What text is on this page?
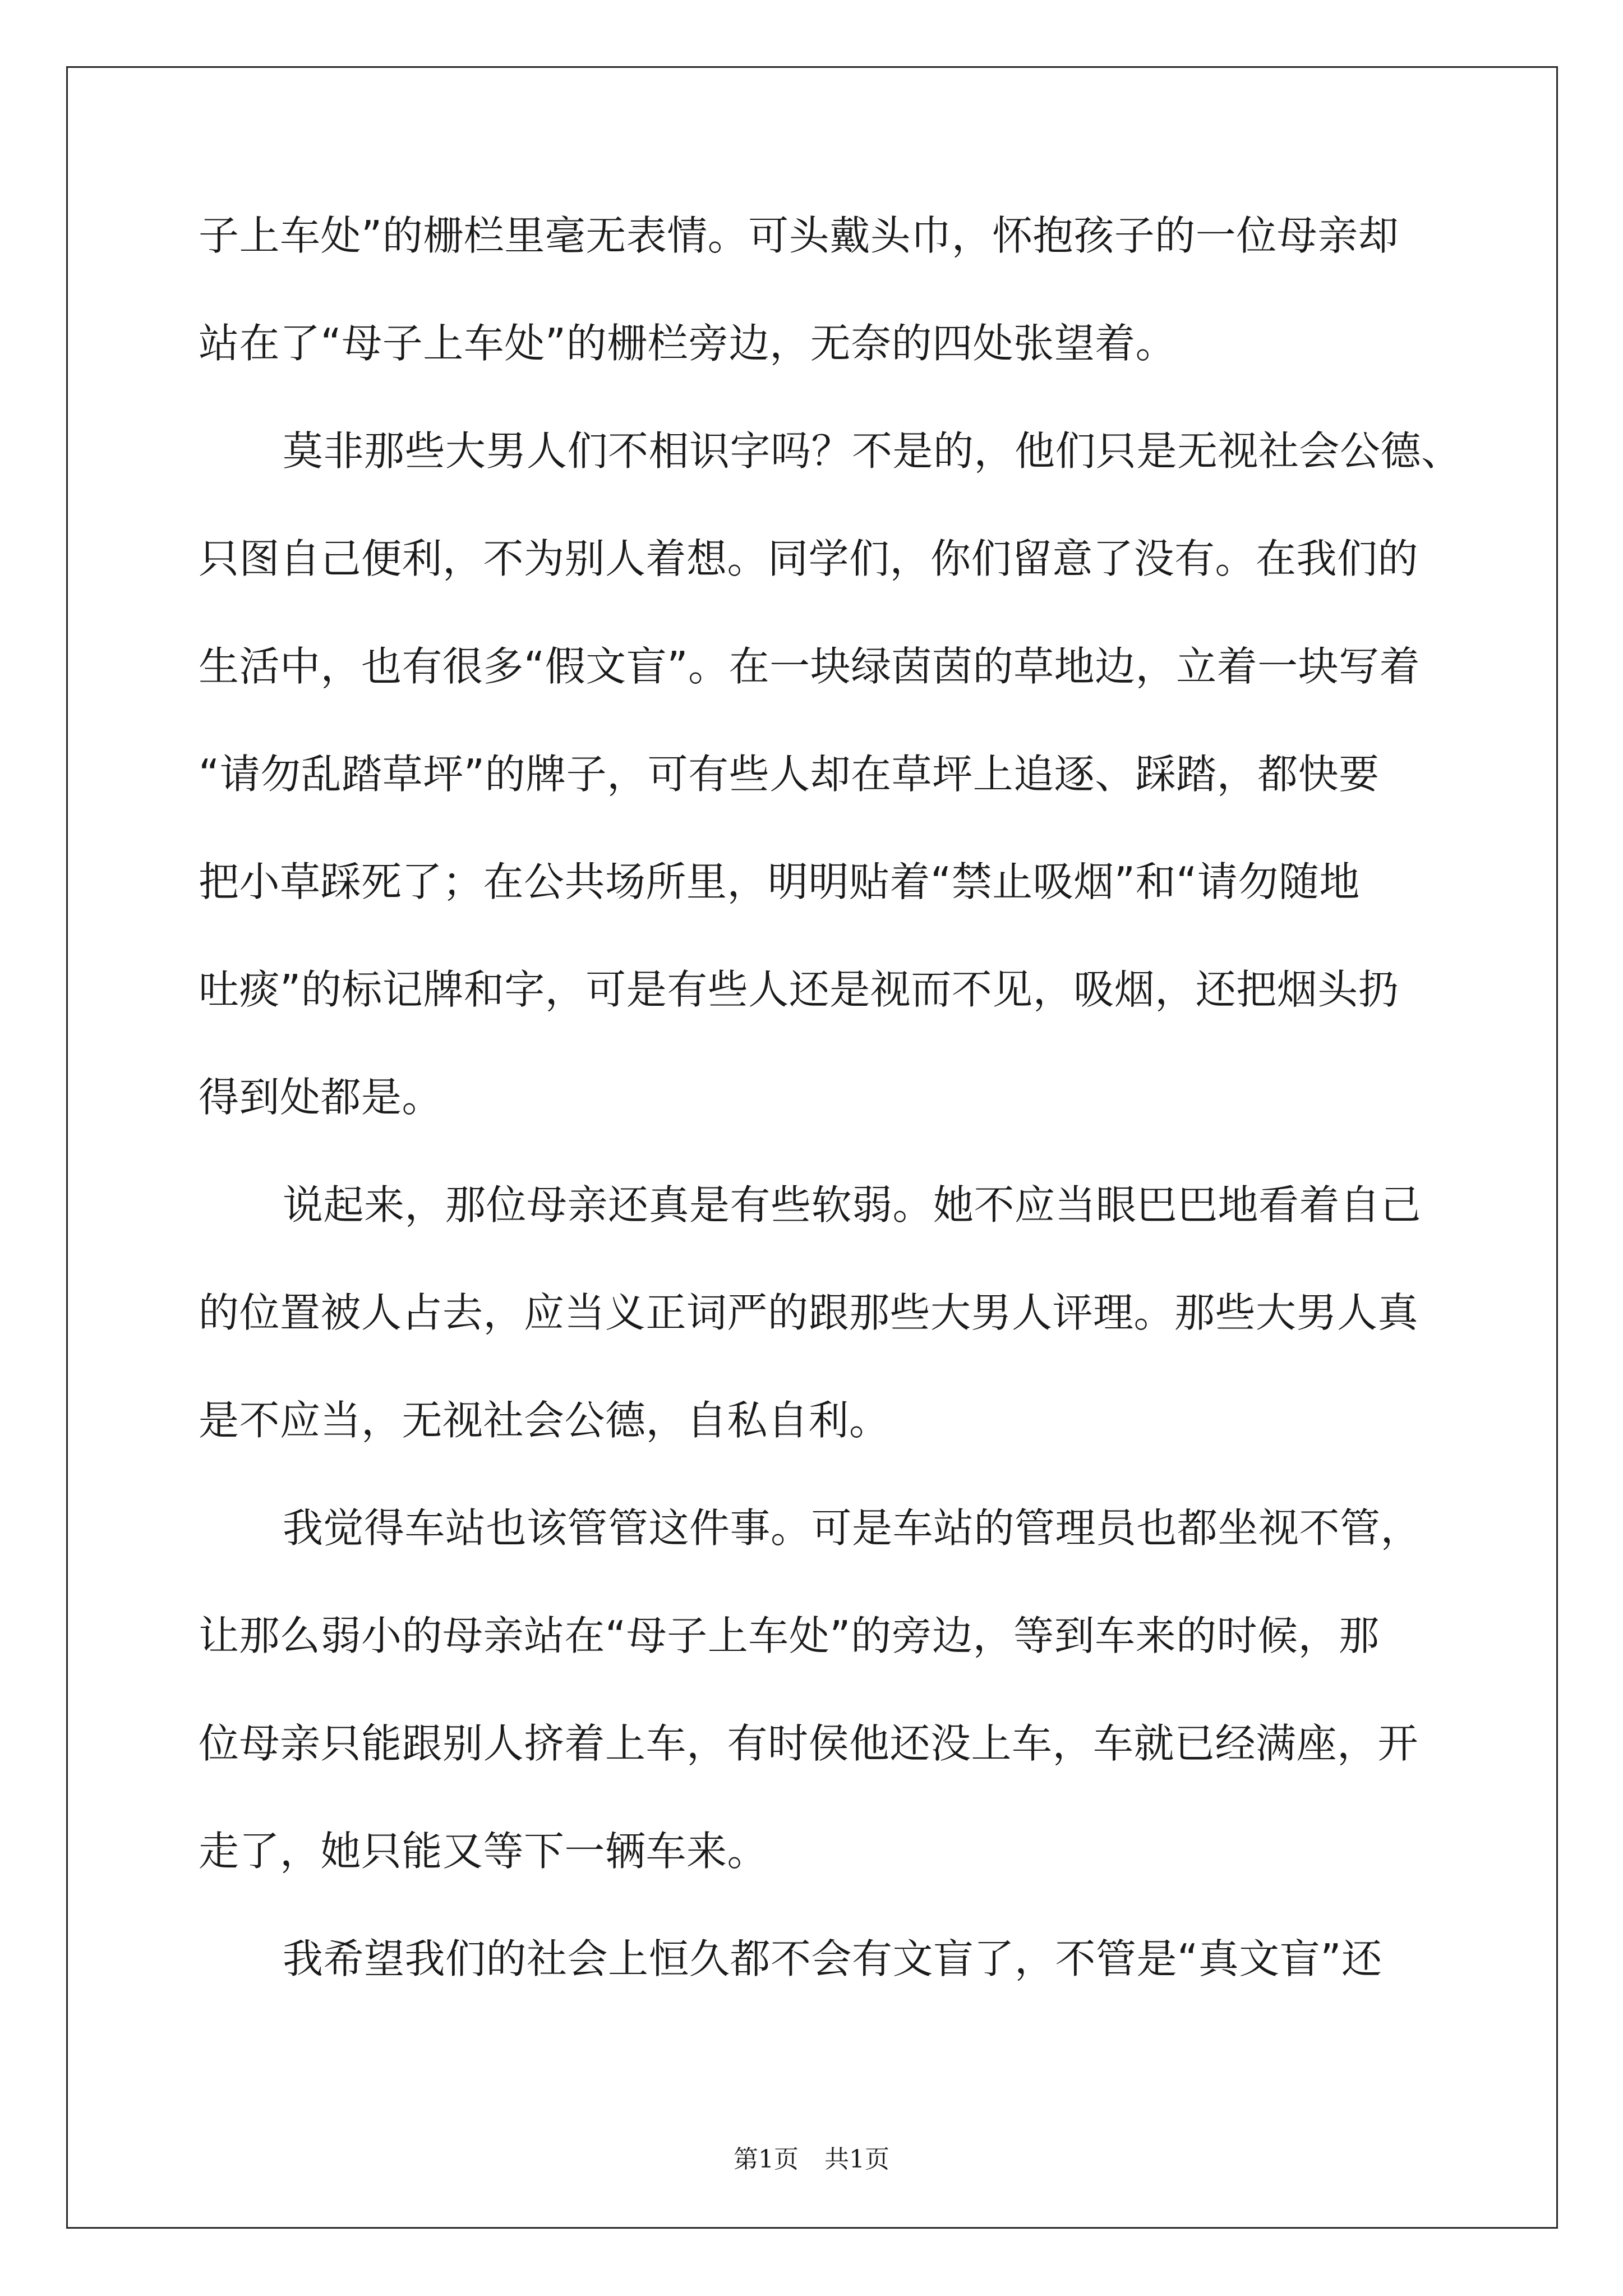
子上车处”的栅栏里毫无表情。可头戴头巾，怀抱孩子的一位母亲却
站在了“母子上车处”的栅栏旁边，无奈的四处张望着。
莫非那些大男人们不相识字吗？不是的，他们只是无视社会公德、
只图自己便利，不为别人着想。同学们，你们留意了没有。在我们的
生活中，也有很多“假文盲”。在一块绿茵茵的草地边，立着一块写着
“请勿乱踏草坪”的牌子，可有些人却在草坪上追逐、踩踏，都快要
把小草踩死了；在公共场所里，明明贴着“禁止吸烟”和“请勿随地
吐痰”的标记牌和字，可是有些人还是视而不见，吸烟，还把烟头扔
得到处都是。
说起来，那位母亲还真是有些软弱。她不应当眼巴巴地看着自己
的位置被人占去，应当义正词严的跟那些大男人评理。那些大男人真
是不应当，无视社会公德，自私自利。
我觉得车站也该管管这件事。可是车站的管理员也都坐视不管，
让那么弱小的母亲站在“母子上车处”的旁边，等到车来的时候，那
位母亲只能跟别人挤着上车，有时侯他还没上车，车就已经满座，开
走了，她只能又等下一辆车来。
我希望我们的社会上恒久都不会有文盲了，不管是“真文盲”还
第1页 共1页
